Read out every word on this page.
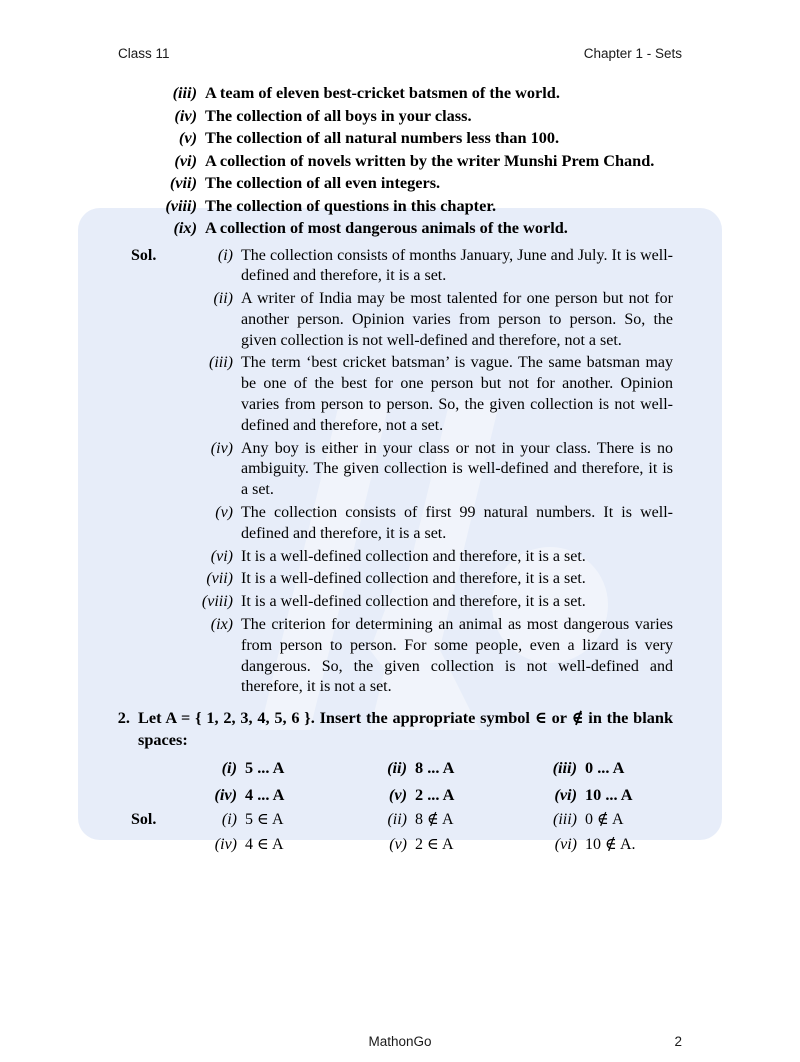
Class 11	Chapter 1 - Sets
(iii) A team of eleven best-cricket batsmen of the world.
(iv) The collection of all boys in your class.
(v) The collection of all natural numbers less than 100.
(vi) A collection of novels written by the writer Munshi Prem Chand.
(vii) The collection of all even integers.
(viii) The collection of questions in this chapter.
(ix) A collection of most dangerous animals of the world.
Sol.	(i) The collection consists of months January, June and July. It is well-defined and therefore, it is a set.
(ii) A writer of India may be most talented for one person but not for another person. Opinion varies from person to person. So, the given collection is not well-defined and therefore, not a set.
(iii) The term ‘best cricket batsman’ is vague. The same batsman may be one of the best for one person but not for another. Opinion varies from person to person. So, the given collection is not well-defined and therefore, not a set.
(iv) Any boy is either in your class or not in your class. There is no ambiguity. The given collection is well-defined and therefore, it is a set.
(v) The collection consists of first 99 natural numbers. It is well-defined and therefore, it is a set.
(vi) It is a well-defined collection and therefore, it is a set.
(vii) It is a well-defined collection and therefore, it is a set.
(viii) It is a well-defined collection and therefore, it is a set.
(ix) The criterion for determining an animal as most dangerous varies from person to person. For some people, even a lizard is very dangerous. So, the given collection is not well-defined and therefore, it is not a set.
2. Let A = { 1, 2, 3, 4, 5, 6 }. Insert the appropriate symbol ∈ or ∉ in the blank spaces:
(i) 5 ... A	(ii) 8 ... A	(iii) 0 ... A
(iv) 4 ... A	(v) 2 ... A	(vi) 10 ... A
Sol.	(i) 5 ∈ A	(ii) 8 ∉ A	(iii) 0 ∉ A
(iv) 4 ∈ A	(v) 2 ∈ A	(vi) 10 ∉ A.
MathonGo	2
